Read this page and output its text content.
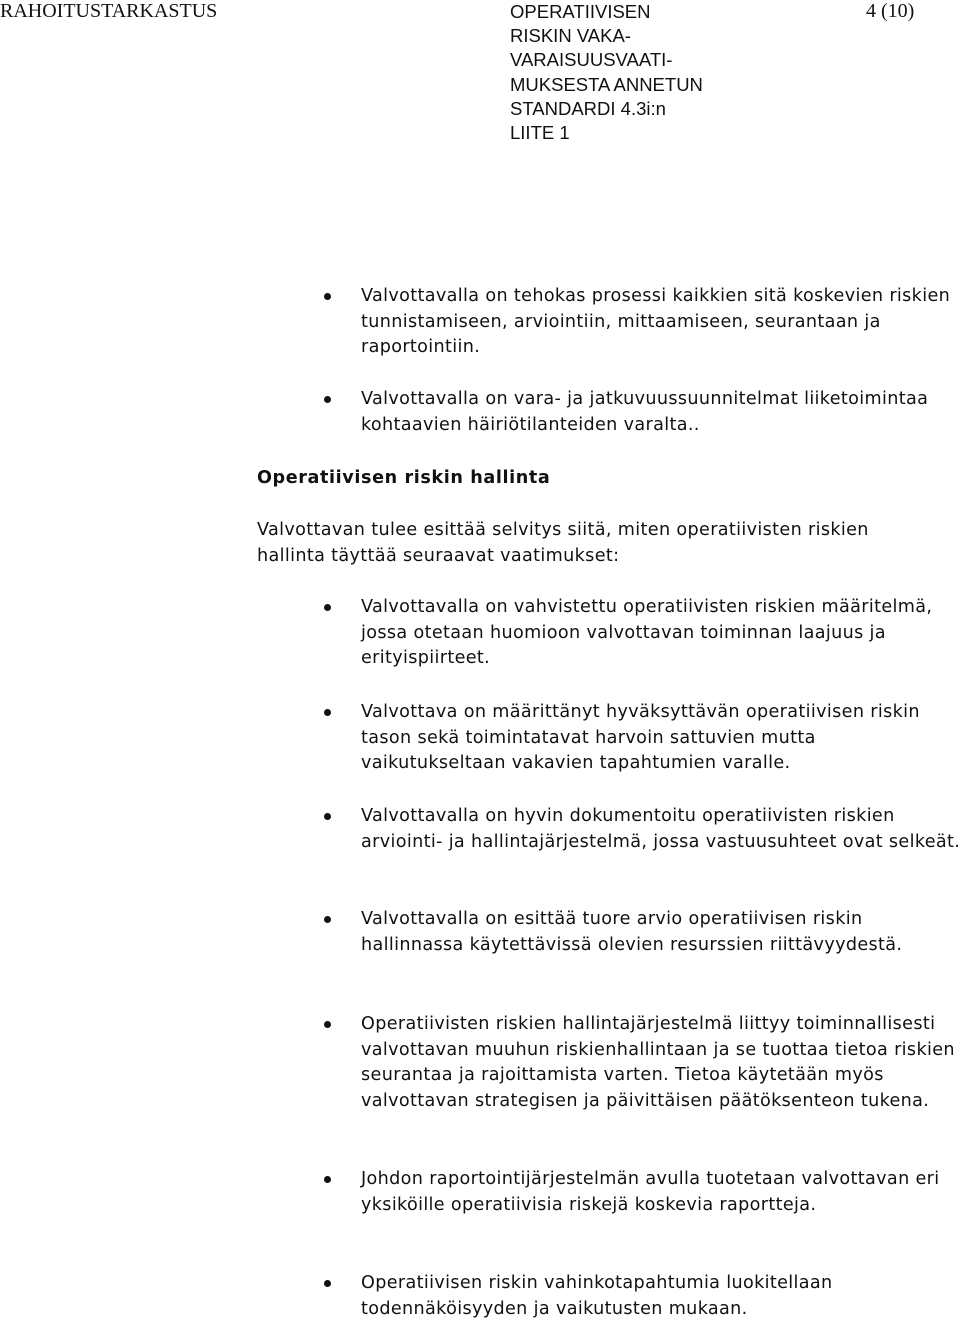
RAHOITUSTARKASTUS	OPERATIIVISEN
RISKIN VAKA-
VARAISUUSVAATI-
MUKSESTA ANNETUN
STANDARDI 4.3i:n
LIITE 1
4 (10)
Valvottavalla on tehokas prosessi kaikkien sitä koskevien riskien tunnistamiseen, arviointiin, mittaamiseen, seurantaan ja raportointiin.
Valvottavalla on vara- ja jatkuvuussuunnitelmat liiketoimintaa kohtaavien häiriötilanteiden varalta..
Operatiivisen riskin hallinta
Valvottavan tulee esittää selvitys siitä, miten operatiivisten riskien hallinta täyttää seuraavat vaatimukset:
Valvottavalla on vahvistettu operatiivisten riskien määritelmä, jossa otetaan huomioon valvottavan toiminnan laajuus ja erityispiirteet.
Valvottava on määrittänyt hyväksyttävän operatiivisen riskin tason sekä toimintatavat harvoin sattuvien mutta vaikutukseltaan vakavien tapahtumien varalle.
Valvottavalla on hyvin dokumentoitu operatiivisten riskien arviointi- ja hallintajärjestelmä, jossa vastuusuhteet ovat selkeät.
Valvottavalla on esittää tuore arvio operatiivisen riskin hallinnassa käytettävissä olevien resurssien riittävyydestä.
Operatiivisten riskien hallintajärjestelmä liittyy toiminnallisesti valvottavan muuhun riskienhallintaan ja se tuottaa tietoa riskien seurantaa ja rajoittamista varten. Tietoa käytetään myös valvottavan strategisen ja päivittäisen päätöksenteon tukena.
Johdon raportointijärjestelmän avulla tuotetaan valvottavan eri yksiköille operatiivisia riskejä koskevia raportteja.
Operatiivisen riskin vahinkotapahtumia luokitellaan todennäköisyyden ja vaikutusten mukaan.
